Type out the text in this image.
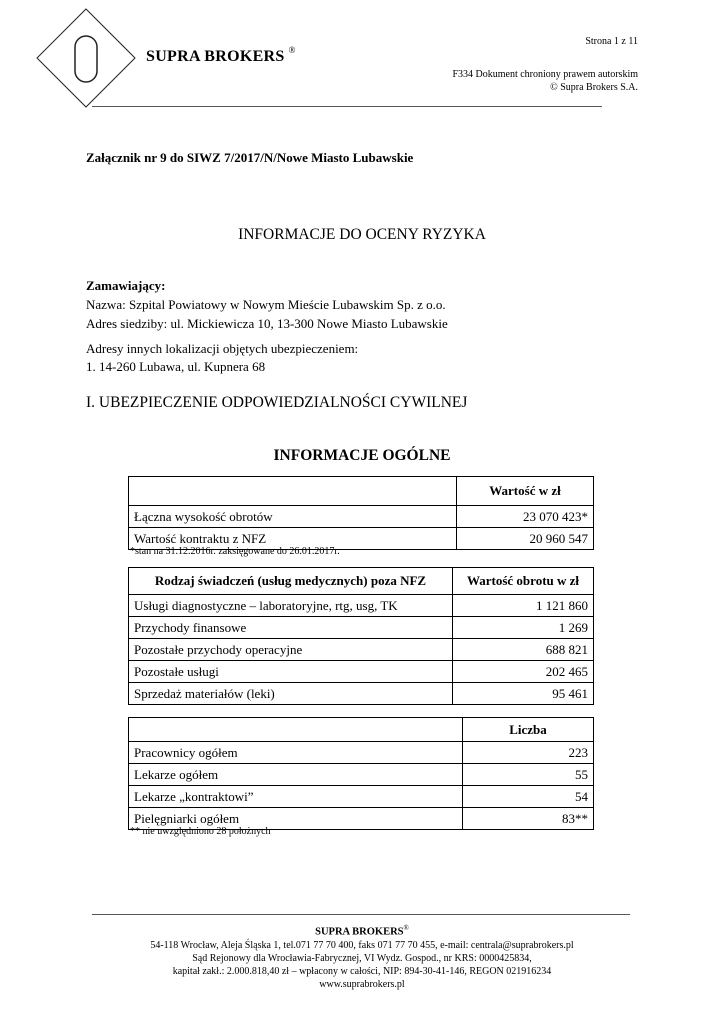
SUPRA BROKERS ®
Strona 1 z 11
F334 Dokument chroniony prawem autorskim
© Supra Brokers S.A.
Załącznik nr 9 do SIWZ 7/2017/N/Nowe Miasto Lubawskie
INFORMACJE DO OCENY RYZYKA
Zamawiający:
Nazwa: Szpital Powiatowy w Nowym Mieście Lubawskim Sp. z o.o.
Adres siedziby: ul. Mickiewicza 10, 13-300 Nowe Miasto Lubawskie
Adresy innych lokalizacji objętych ubezpieczeniem:
1. 14-260 Lubawa, ul. Kupnera 68
I. UBEZPIECZENIE ODPOWIEDZIALNOŚCI CYWILNEJ
INFORMACJE OGÓLNE
	Wartość w zł
Łączna wysokość obrotów	23 070 423*
Wartość kontraktu z NFZ	20 960 547
*stan na 31.12.2016r. zaksięgowane do 26.01.2017r.
Rodzaj świadczeń (usług medycznych) poza NFZ	Wartość obrotu w zł
Usługi diagnostyczne – laboratoryjne, rtg, usg, TK	1 121 860
Przychody finansowe	1 269
Pozostałe przychody operacyjne	688 821
Pozostałe usługi	202 465
Sprzedaż materiałów (leki)	95 461
	Liczba
Pracownicy ogółem	223
Lekarze ogółem	55
Lekarze „kontraktowi”	54
Pielęgniarki ogółem	83**
** nie uwzględniono 28 położnych
SUPRA BROKERS®
54-118 Wrocław, Aleja Śląska 1, tel.071 77 70 400, faks 071 77 70 455, e-mail: centrala@suprabrokers.pl
Sąd Rejonowy dla Wrocławia-Fabrycznej, VI Wydz. Gospod., nr KRS: 0000425834,
kapitał zakł.: 2.000.818,40 zł – wpłacony w całości, NIP: 894-30-41-146, REGON 021916234
www.suprabrokers.pl
